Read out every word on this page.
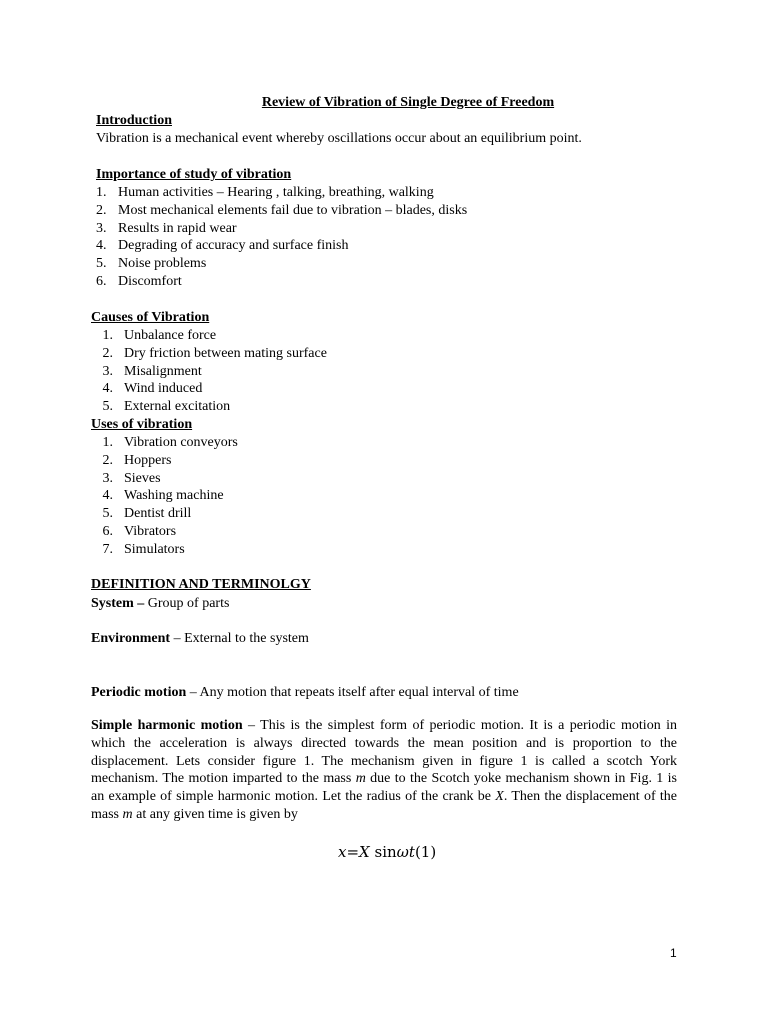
Review of Vibration of Single Degree of Freedom
Introduction
Vibration is a mechanical event whereby oscillations occur about an equilibrium point.
Importance of study of vibration
1. Human activities – Hearing , talking, breathing, walking
2. Most mechanical elements fail due to vibration – blades, disks
3. Results in rapid wear
4. Degrading of accuracy and surface finish
5. Noise problems
6. Discomfort
Causes of Vibration
1. Unbalance force
2. Dry friction between mating surface
3. Misalignment
4. Wind induced
5. External excitation
Uses of vibration
1. Vibration conveyors
2. Hoppers
3. Sieves
4. Washing machine
5. Dentist drill
6. Vibrators
7. Simulators
DEFINITION AND TERMINOLGY
System – Group of parts
Environment – External to the system
Periodic motion – Any motion that repeats itself after equal interval of time
Simple harmonic motion – This is the simplest form of periodic motion. It is a periodic motion in which the acceleration is always directed towards the mean position and is proportion to the displacement. Lets consider figure 1. The mechanism given in figure 1 is called a scotch York mechanism. The motion imparted to the mass m due to the Scotch yoke mechanism shown in Fig. 1 is an example of simple harmonic motion. Let the radius of the crank be X. Then the displacement of the mass m at any given time is given by
x=X sinωt(1)
1
